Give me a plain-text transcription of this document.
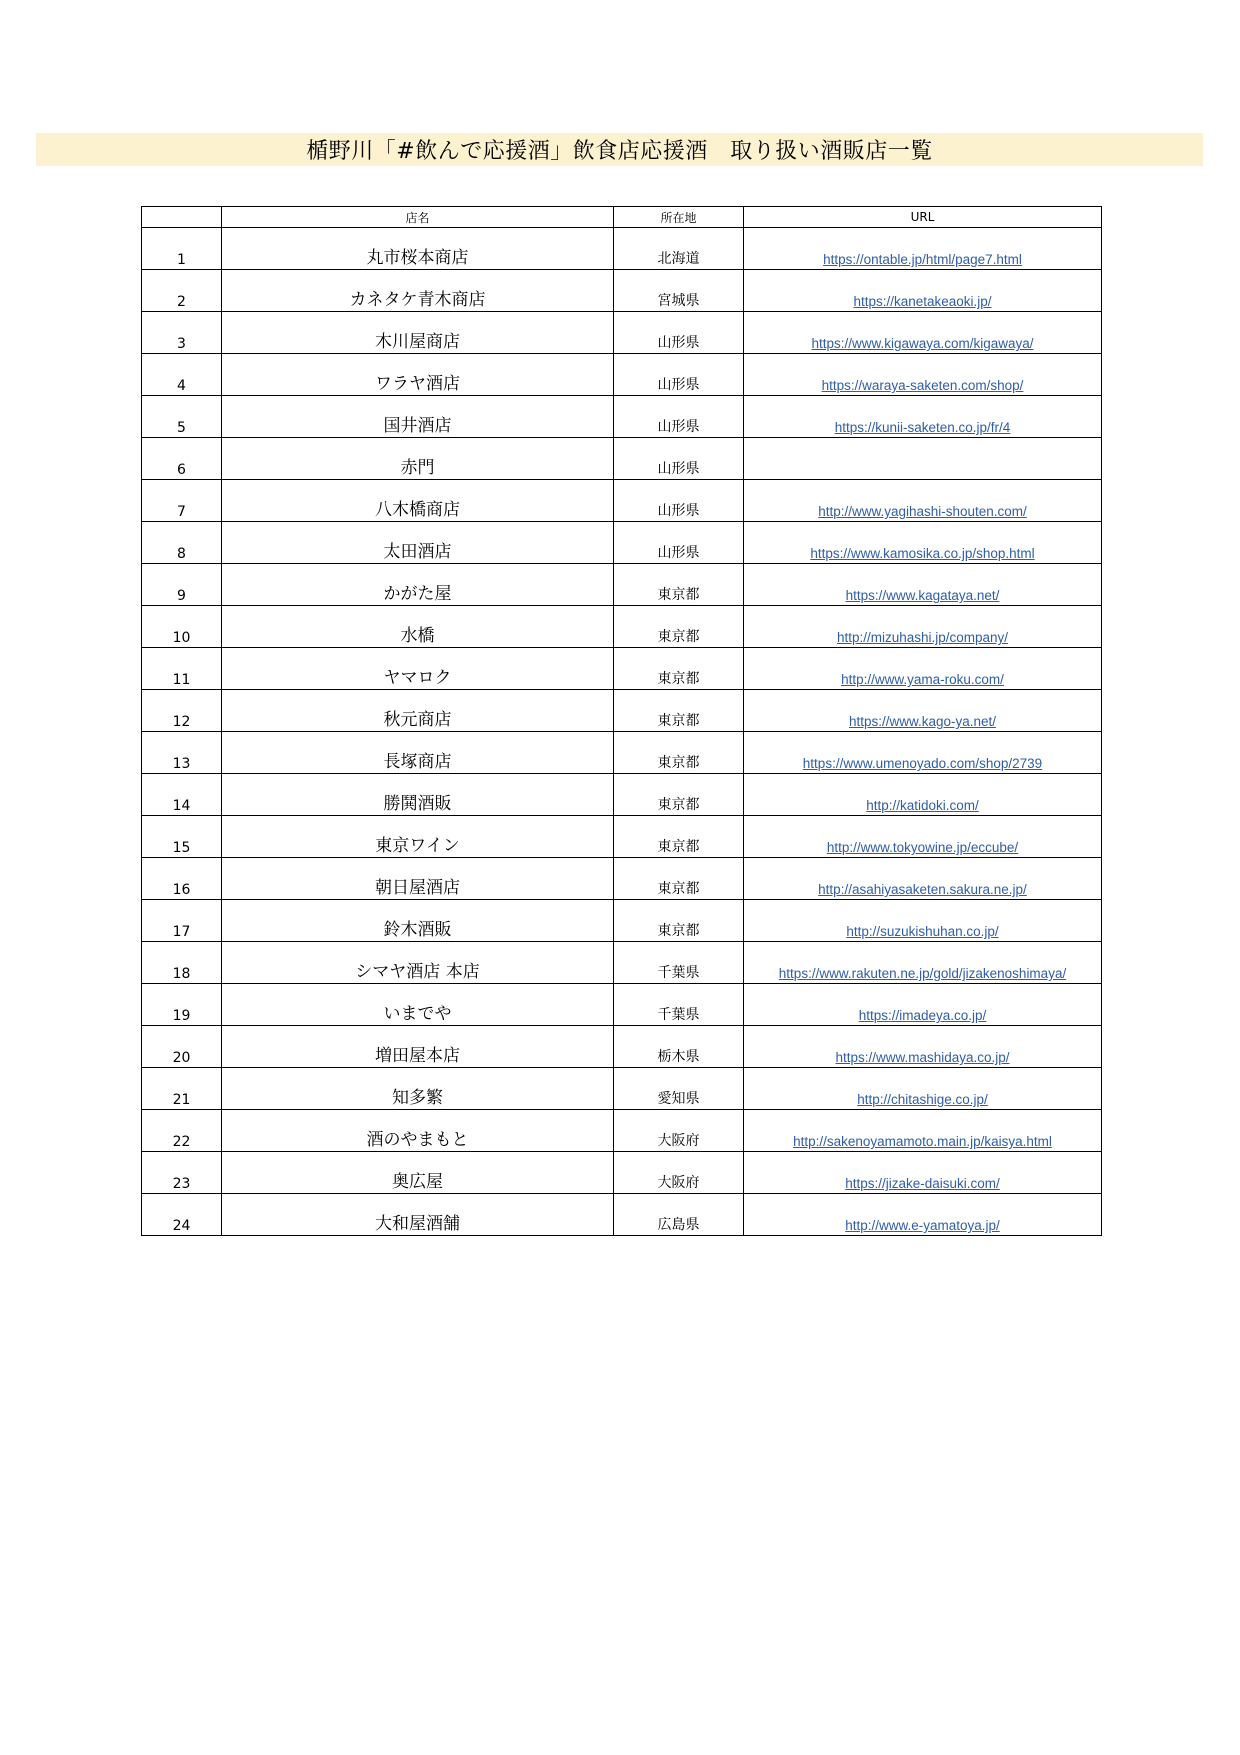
楯野川「#飲んで応援酒」飲食店応援酒　取り扱い酒販店一覧
	店名	所在地	URL
1	丸市桜本商店	北海道	https://ontable.jp/html/page7.html
2	カネタケ青木商店	宮城県	https://kanetakeaoki.jp/
3	木川屋商店	山形県	https://www.kigawaya.com/kigawaya/
4	ワラヤ酒店	山形県	https://waraya-saketen.com/shop/
5	国井酒店	山形県	https://kunii-saketen.co.jp/fr/4
6	赤門	山形県	
7	八木橋商店	山形県	http://www.yagihashi-shouten.com/
8	太田酒店	山形県	https://www.kamosika.co.jp/shop.html
9	かがた屋	東京都	https://www.kagataya.net/
10	水橋	東京都	http://mizuhashi.jp/company/
11	ヤマロク	東京都	http://www.yama-roku.com/
12	秋元商店	東京都	https://www.kago-ya.net/
13	長塚商店	東京都	https://www.umenoyado.com/shop/2739
14	勝鬨酒販	東京都	http://katidoki.com/
15	東京ワイン	東京都	http://www.tokyowine.jp/eccube/
16	朝日屋酒店	東京都	http://asahiyasaketen.sakura.ne.jp/
17	鈴木酒販	東京都	http://suzukishuhan.co.jp/
18	シマヤ酒店 本店	千葉県	https://www.rakuten.ne.jp/gold/jizakenoshimaya/
19	いまでや	千葉県	https://imadeya.co.jp/
20	増田屋本店	栃木県	https://www.mashidaya.co.jp/
21	知多繁	愛知県	http://chitashige.co.jp/
22	酒のやまもと	大阪府	http://sakenoyamamoto.main.jp/kaisya.html
23	奥広屋	大阪府	https://jizake-daisuki.com/
24	大和屋酒舗	広島県	http://www.e-yamatoya.jp/
